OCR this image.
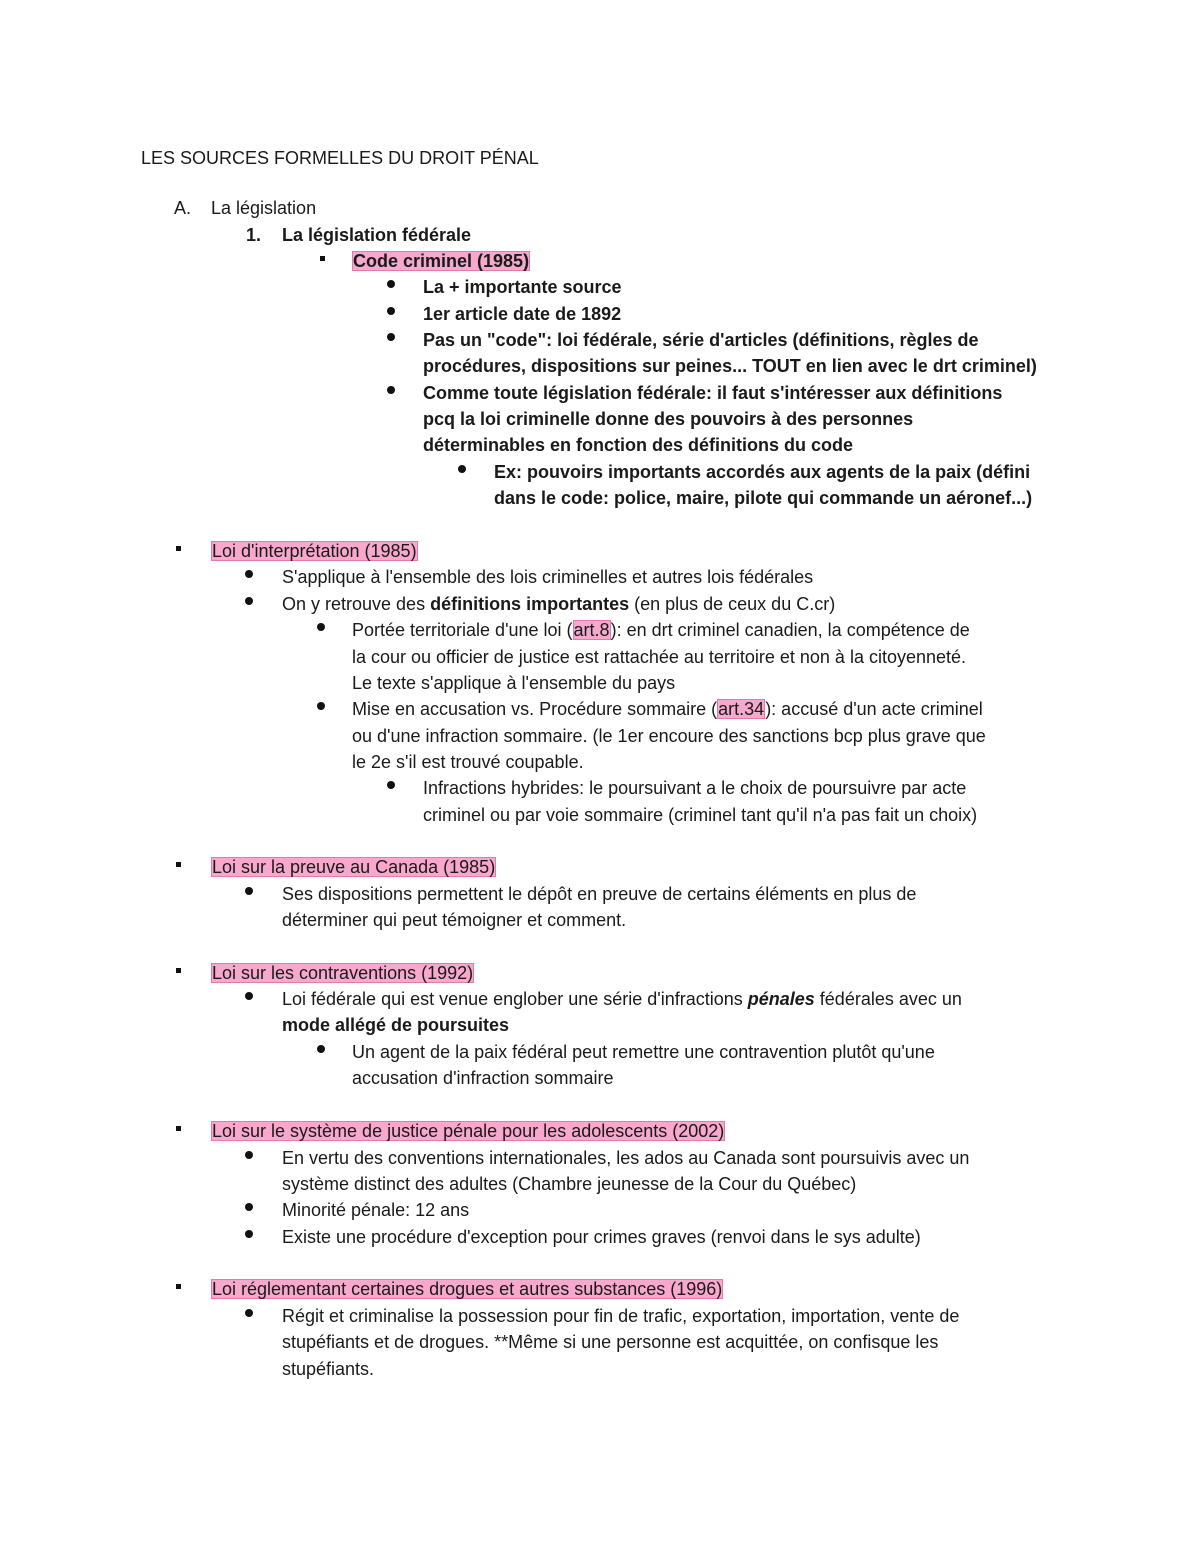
LES SOURCES FORMELLES DU DROIT PÉNAL
A. La législation
1. La législation fédérale
Code criminel (1985)
La + importante source
1er article date de 1892
Pas un "code": loi fédérale, série d'articles (définitions, règles de
procédures, dispositions sur peines... TOUT en lien avec le drt criminel)
Comme toute législation fédérale: il faut s'intéresser aux définitions
pcq la loi criminelle donne des pouvoirs à des personnes
déterminables en fonction des définitions du code
Ex: pouvoirs importants accordés aux agents de la paix (défini
dans le code: police, maire, pilote qui commande un aéronef...)
Loi d'interprétation (1985)
S'applique à l'ensemble des lois criminelles et autres lois fédérales
On y retrouve des définitions importantes (en plus de ceux du C.cr)
Portée territoriale d'une loi (art.8): en drt criminel canadien, la compétence de
la cour ou officier de justice est rattachée au territoire et non à la citoyenneté.
Le texte s'applique à l'ensemble du pays
Mise en accusation vs. Procédure sommaire (art.34): accusé d'un acte criminel
ou d'une infraction sommaire. (le 1er encoure des sanctions bcp plus grave que
le 2e s'il est trouvé coupable.
Infractions hybrides: le poursuivant a le choix de poursuivre par acte
criminel ou par voie sommaire (criminel tant qu'il n'a pas fait un choix)
Loi sur la preuve au Canada (1985)
Ses dispositions permettent le dépôt en preuve de certains éléments en plus de
déterminer qui peut témoigner et comment.
Loi sur les contraventions (1992)
Loi fédérale qui est venue englober une série d'infractions pénales fédérales avec un
mode allégé de poursuites
Un agent de la paix fédéral peut remettre une contravention plutôt qu'une
accusation d'infraction sommaire
Loi sur le système de justice pénale pour les adolescents (2002)
En vertu des conventions internationales, les ados au Canada sont poursuivis avec un
système distinct des adultes (Chambre jeunesse de la Cour du Québec)
Minorité pénale: 12 ans
Existe une procédure d'exception pour crimes graves (renvoi dans le sys adulte)
Loi réglementant certaines drogues et autres substances (1996)
Régit et criminalise la possession pour fin de trafic, exportation, importation, vente de
stupéfiants et de drogues. **Même si une personne est acquittée, on confisque les
stupéfiants.
